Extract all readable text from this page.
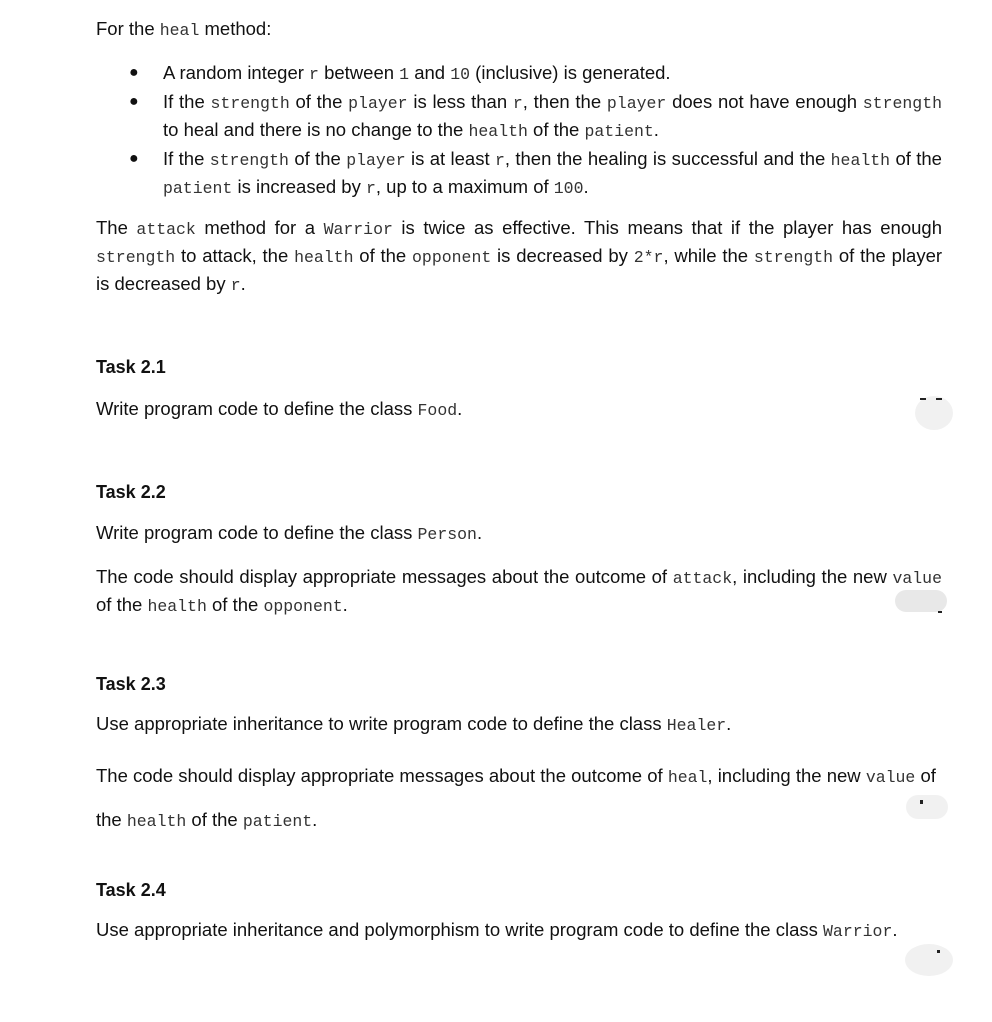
For the heal method:

● A random integer r between 1 and 10 (inclusive) is generated.
● If the strength of the player is less than r, then the player does not have enough strength to heal and there is no change to the health of the patient.
● If the strength of the player is at least r, then the healing is successful and the health of the patient is increased by r, up to a maximum of 100.

The attack method for a Warrior is twice as effective. This means that if the player has enough strength to attack, the health of the opponent is decreased by 2*r, while the strength of the player is decreased by r.

Task 2.1

Write program code to define the class Food.

Task 2.2

Write program code to define the class Person.

The code should display appropriate messages about the outcome of attack, including the new value of the health of the opponent.

Task 2.3

Use appropriate inheritance to write program code to define the class Healer.

The code should display appropriate messages about the outcome of heal, including the new value of the health of the patient.

Task 2.4

Use appropriate inheritance and polymorphism to write program code to define the class Warrior.
